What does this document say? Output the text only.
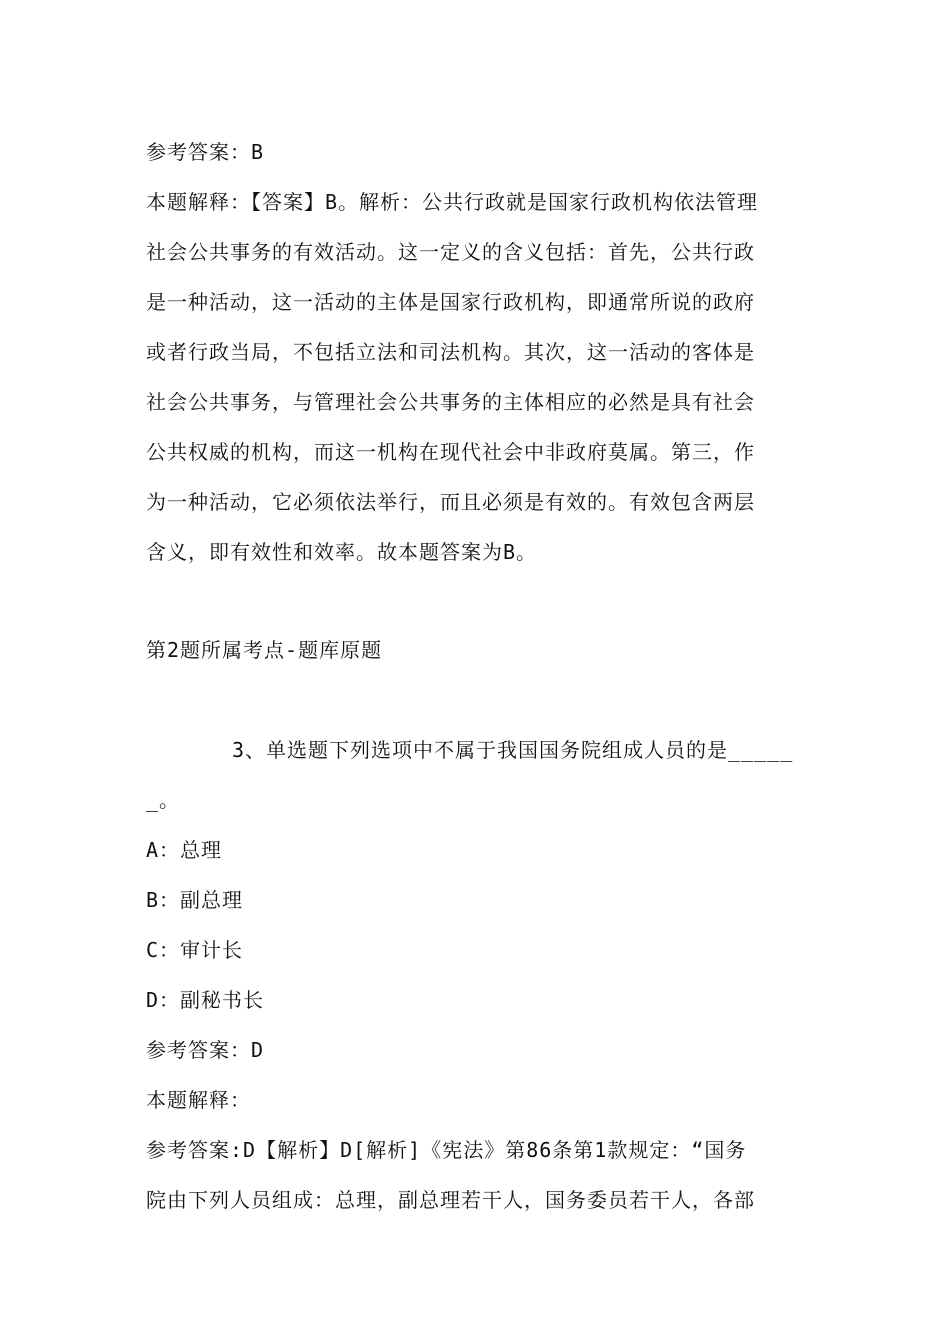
参考答案：B
本题解释：【答案】B。解析：公共行政就是国家行政机构依法管理
社会公共事务的有效活动。这一定义的含义包括：首先，公共行政
是一种活动，这一活动的主体是国家行政机构，即通常所说的政府
或者行政当局，不包括立法和司法机构。其次，这一活动的客体是
社会公共事务，与管理社会公共事务的主体相应的必然是具有社会
公共权威的机构，而这一机构在现代社会中非政府莫属。第三，作
为一种活动，它必须依法举行，而且必须是有效的。有效包含两层
含义，即有效性和效率。故本题答案为B。
第2题所属考点-题库原题
3、单选题下列选项中不属于我国国务院组成人员的是_____
_。
A：总理
B：副总理
C：审计长
D：副秘书长
参考答案：D
本题解释：
参考答案:D【解析】D[解析]《宪法》第86条第1款规定：“国务
院由下列人员组成：总理，副总理若干人，国务委员若干人，各部
